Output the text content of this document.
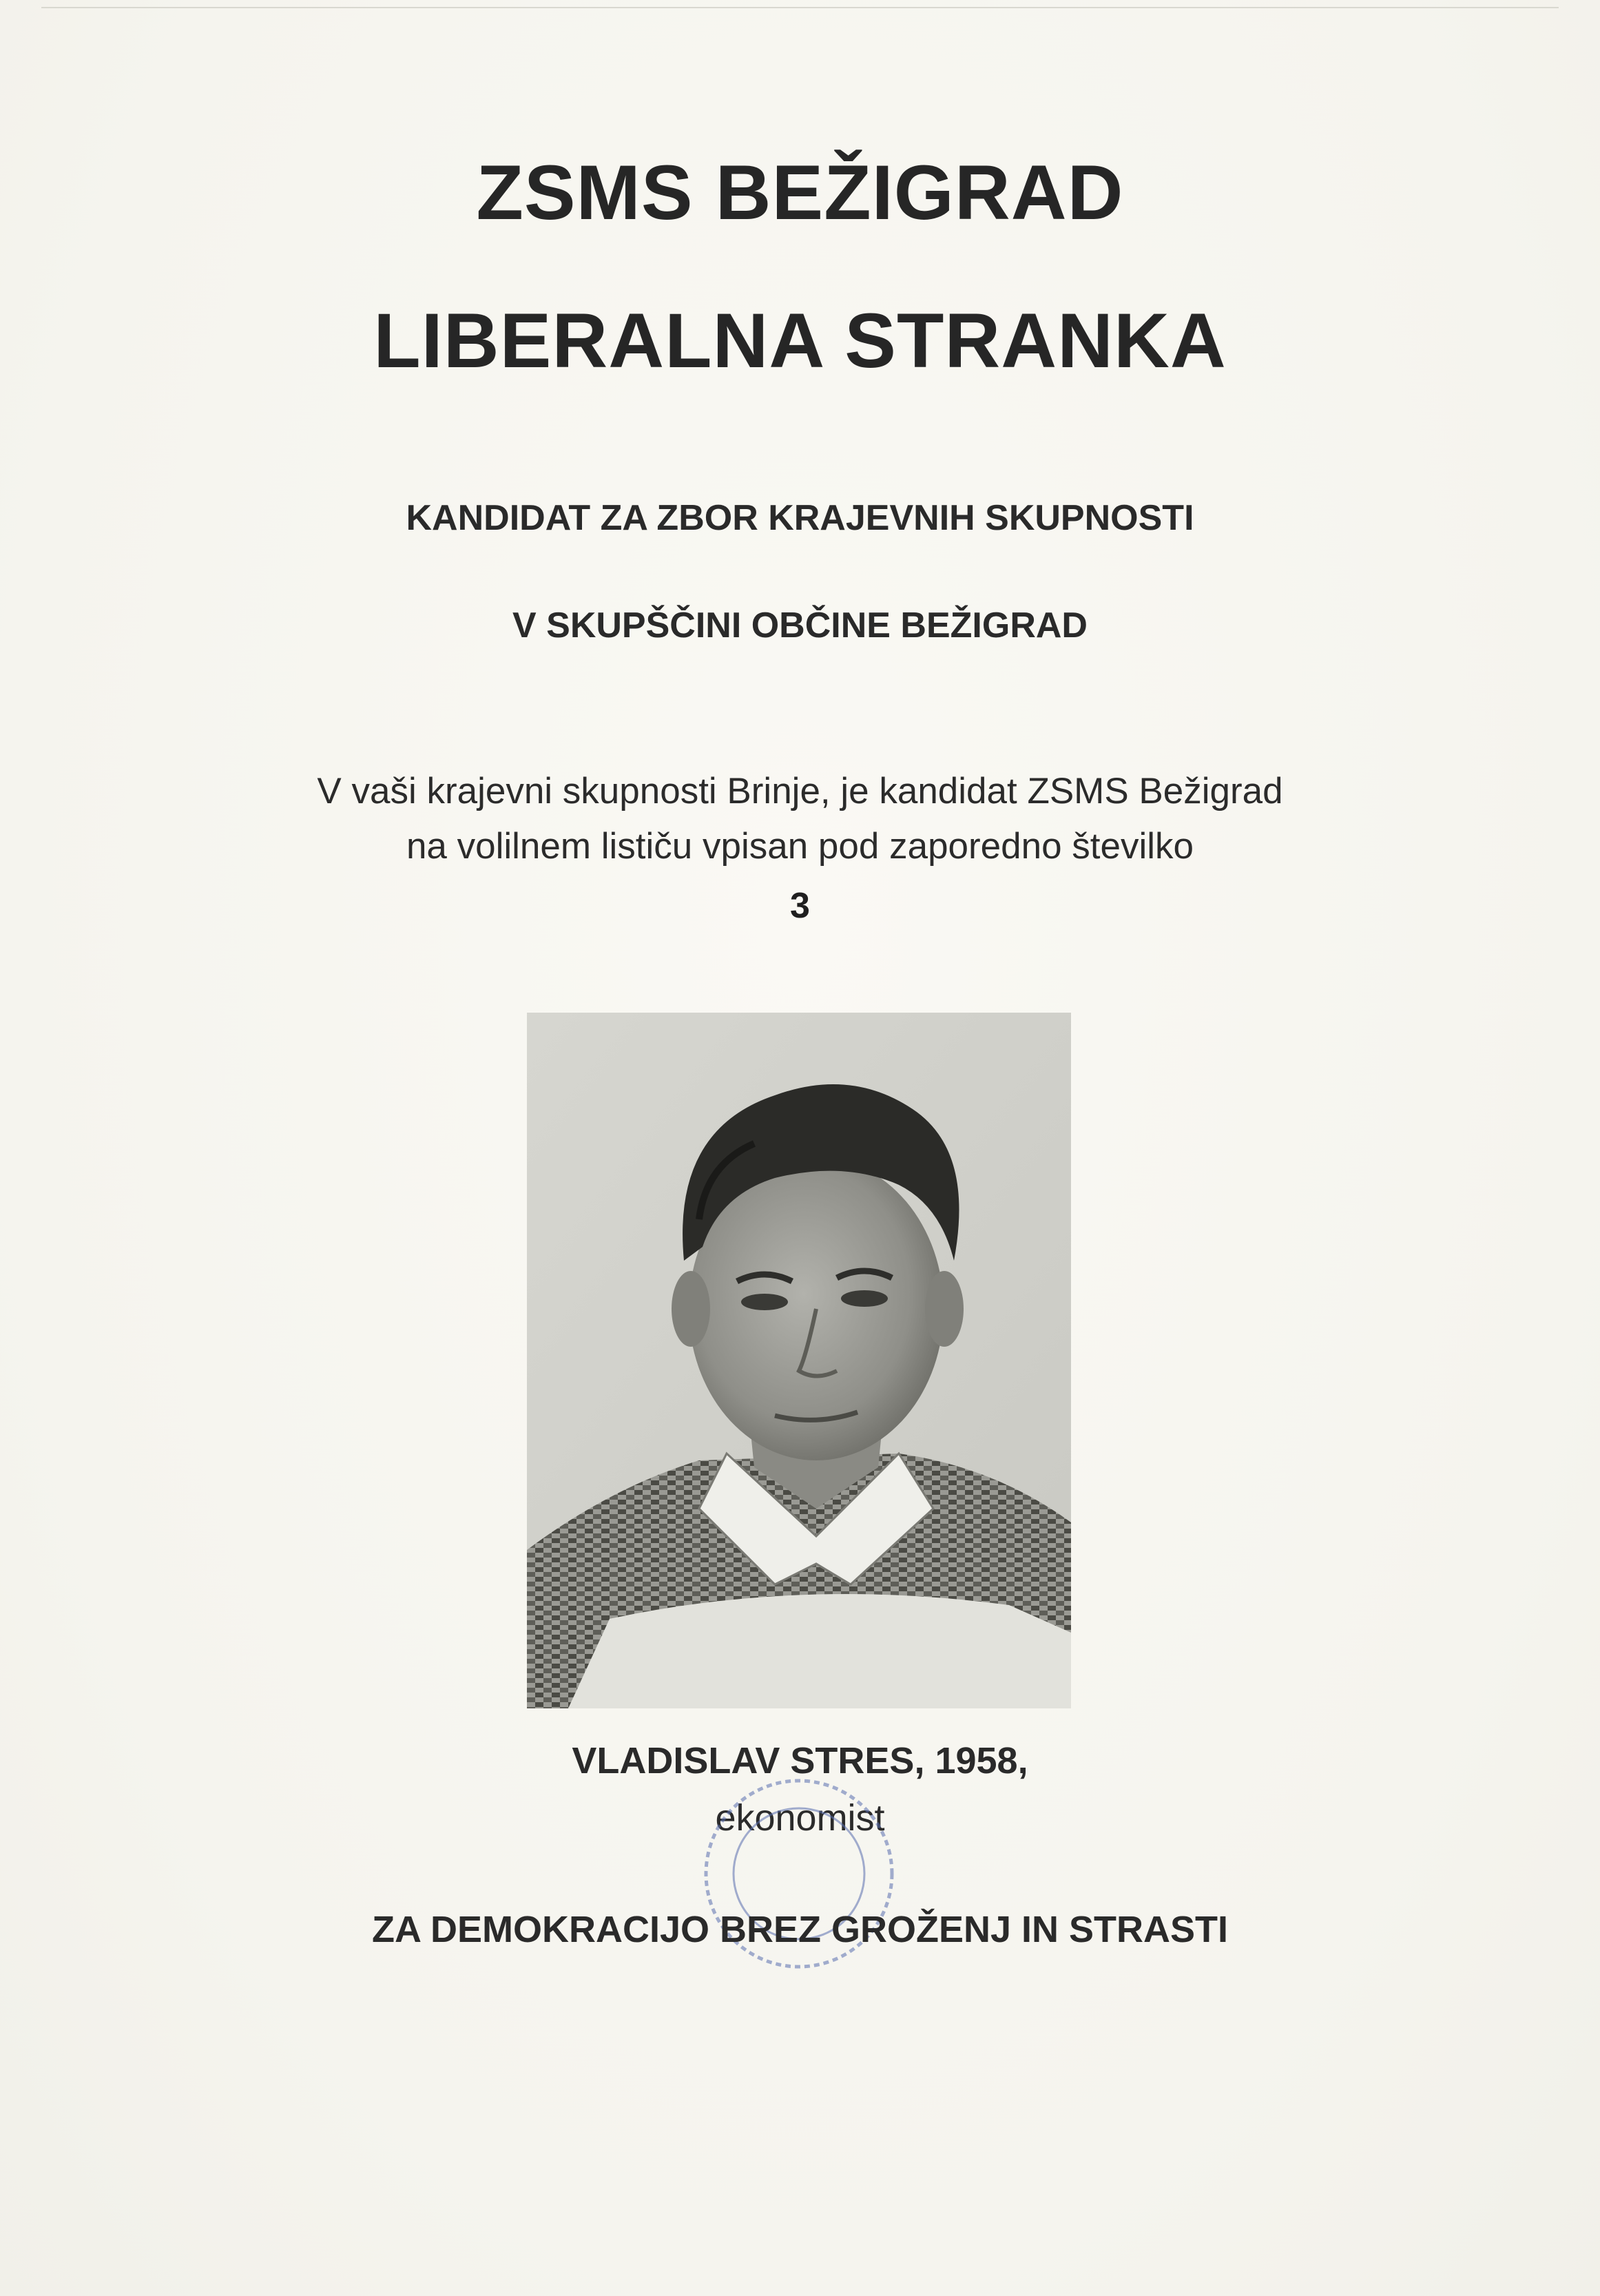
ZSMS BEŽIGRAD
LIBERALNA STRANKA
KANDIDAT ZA ZBOR KRAJEVNIH SKUPNOSTI
V SKUPŠČINI OBČINE BEŽIGRAD
V vaši krajevni skupnosti Brinje, je kandidat ZSMS Bežigrad
na volilnem lističu vpisan pod zaporedno številko
3
VLADISLAV STRES, 1958,
ekonomist
ZA DEMOKRACIJO BREZ GROŽENJ IN STRASTI
